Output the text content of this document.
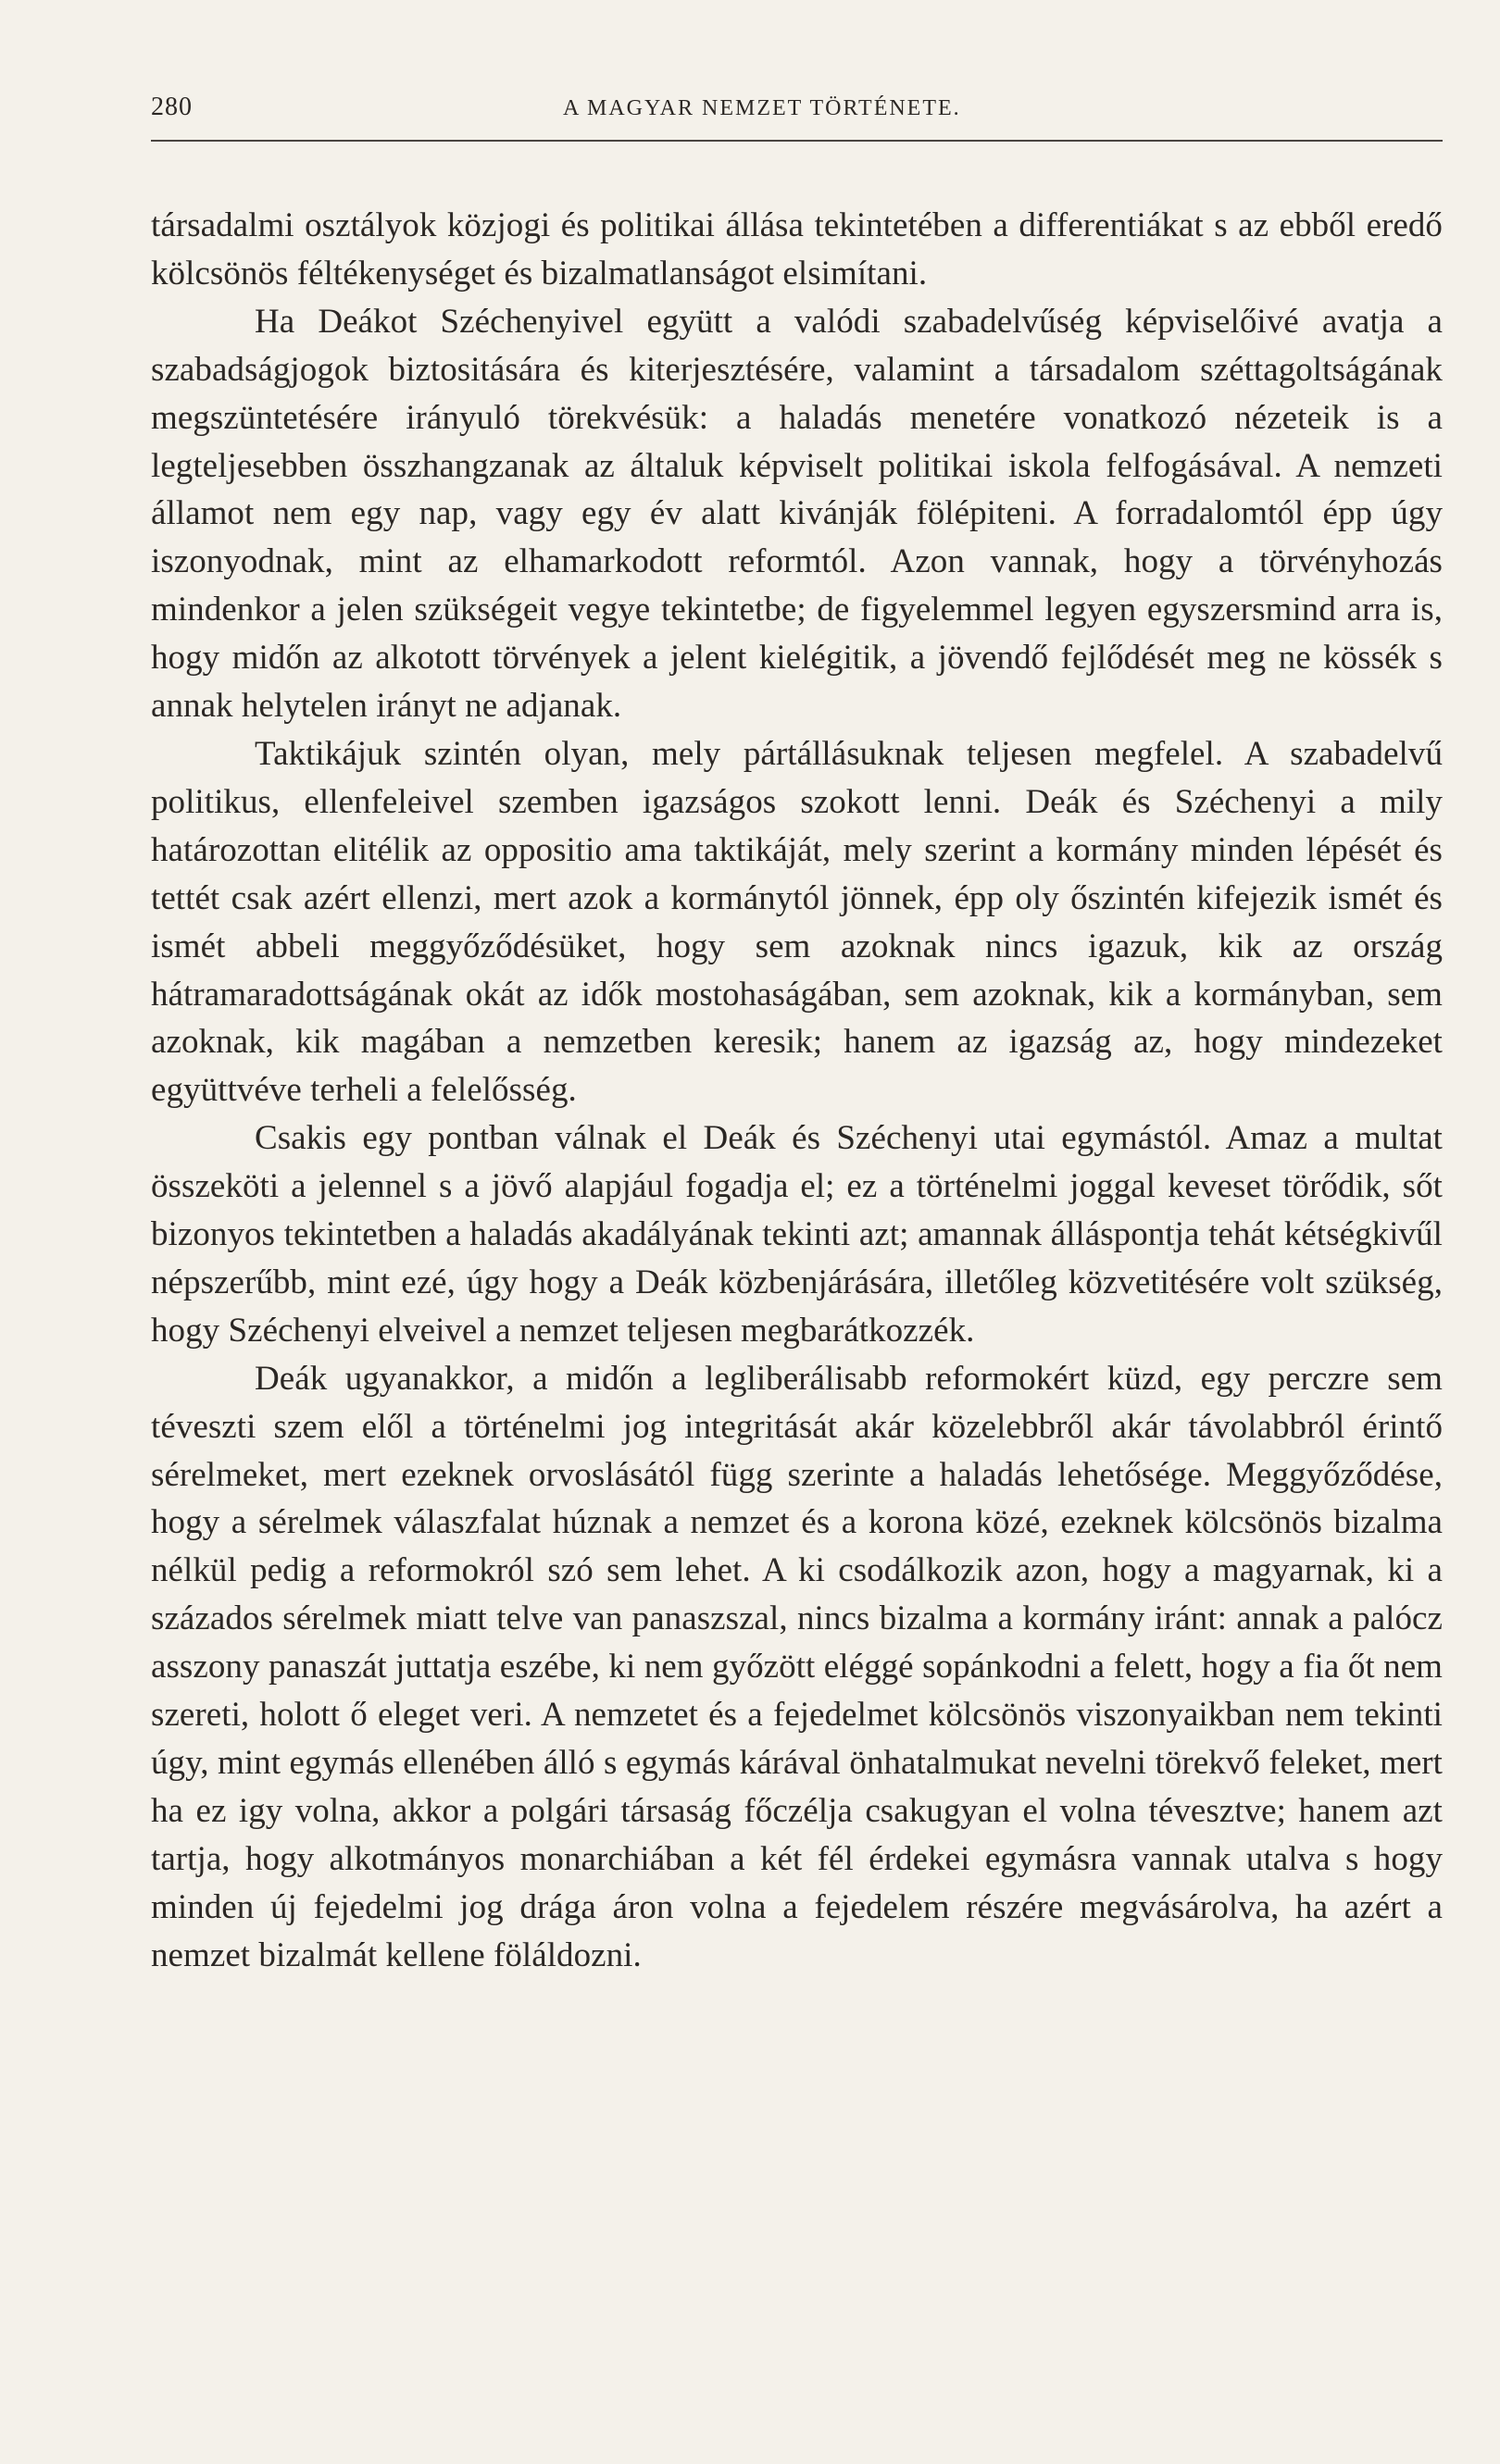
280	A MAGYAR NEMZET TÖRTÉNETE.

társadalmi osztályok közjogi és politikai állása tekintetében a differentiákat s az ebből eredő kölcsönös féltékenységet és bizalmatlanságot elsimítani.

Ha Deákot Széchenyivel együtt a valódi szabadelvűség képviselőivé avatja a szabadságjogok biztositására és kiterjesztésére, valamint a társadalom széttagoltságának megszüntetésére irányuló törekvésük: a haladás menetére vonatkozó nézeteik is a legteljesebben összhangzanak az általuk képviselt politikai iskola felfogásával. A nemzeti államot nem egy nap, vagy egy év alatt kivánják fölépiteni. A forradalomtól épp úgy iszonyodnak, mint az elhamarkodott reformtól. Azon vannak, hogy a törvényhozás mindenkor a jelen szükségeit vegye tekintetbe; de figyelemmel legyen egyszersmind arra is, hogy midőn az alkotott törvények a jelent kielégitik, a jövendő fejlődését meg ne kössék s annak helytelen irányt ne adjanak.

Taktikájuk szintén olyan, mely pártállásuknak teljesen megfelel. A szabadelvű politikus, ellenfeleivel szemben igazságos szokott lenni. Deák és Széchenyi a mily határozottan elitélik az oppositio ama taktikáját, mely szerint a kormány minden lépését és tettét csak azért ellenzi, mert azok a kormánytól jönnek, épp oly őszintén kifejezik ismét és ismét abbeli meggyőződésüket, hogy sem azoknak nincs igazuk, kik az ország hátramaradottságának okát az idők mostohaságában, sem azoknak, kik a kormányban, sem azoknak, kik magában a nemzetben keresik; hanem az igazság az, hogy mindezeket együttvéve terheli a felelősség.

Csakis egy pontban válnak el Deák és Széchenyi utai egymástól. Amaz a multat összeköti a jelennel s a jövő alapjául fogadja el; ez a történelmi joggal keveset törődik, sőt bizonyos tekintetben a haladás akadályának tekinti azt; amannak álláspontja tehát kétségkivűl népszerűbb, mint ezé, úgy hogy a Deák közbenjárására, illetőleg közvetitésére volt szükség, hogy Széchenyi elveivel a nemzet teljesen megbarátkozzék.

Deák ugyanakkor, a midőn a legliberálisabb reformokért küzd, egy perczre sem téveszti szem elől a történelmi jog integritását akár közelebbről akár távolabbról érintő sérelmeket, mert ezeknek orvoslásától függ szerinte a haladás lehetősége. Meggyőződése, hogy a sérelmek válaszfalat húznak a nemzet és a korona közé, ezeknek kölcsönös bizalma nélkül pedig a reformokról szó sem lehet. A ki csodálkozik azon, hogy a magyarnak, ki a százados sérelmek miatt telve van panaszszal, nincs bizalma a kormány iránt: annak a palócz asszony panaszát juttatja eszébe, ki nem győzött eléggé sopánkodni a felett, hogy a fia őt nem szereti, holott ő eleget veri. A nemzetet és a fejedelmet kölcsönös viszonyaikban nem tekinti úgy, mint egymás ellenében álló s egymás kárával önhatalmukat nevelni törekvő feleket, mert ha ez igy volna, akkor a polgári társaság főczélja csakugyan el volna tévesztve; hanem azt tartja, hogy alkotmányos monarchiában a két fél érdekei egymásra vannak utalva s hogy minden új fejedelmi jog drága áron volna a fejedelem részére megvásárolva, ha azért a nemzet bizalmát kellene föláldozni.
